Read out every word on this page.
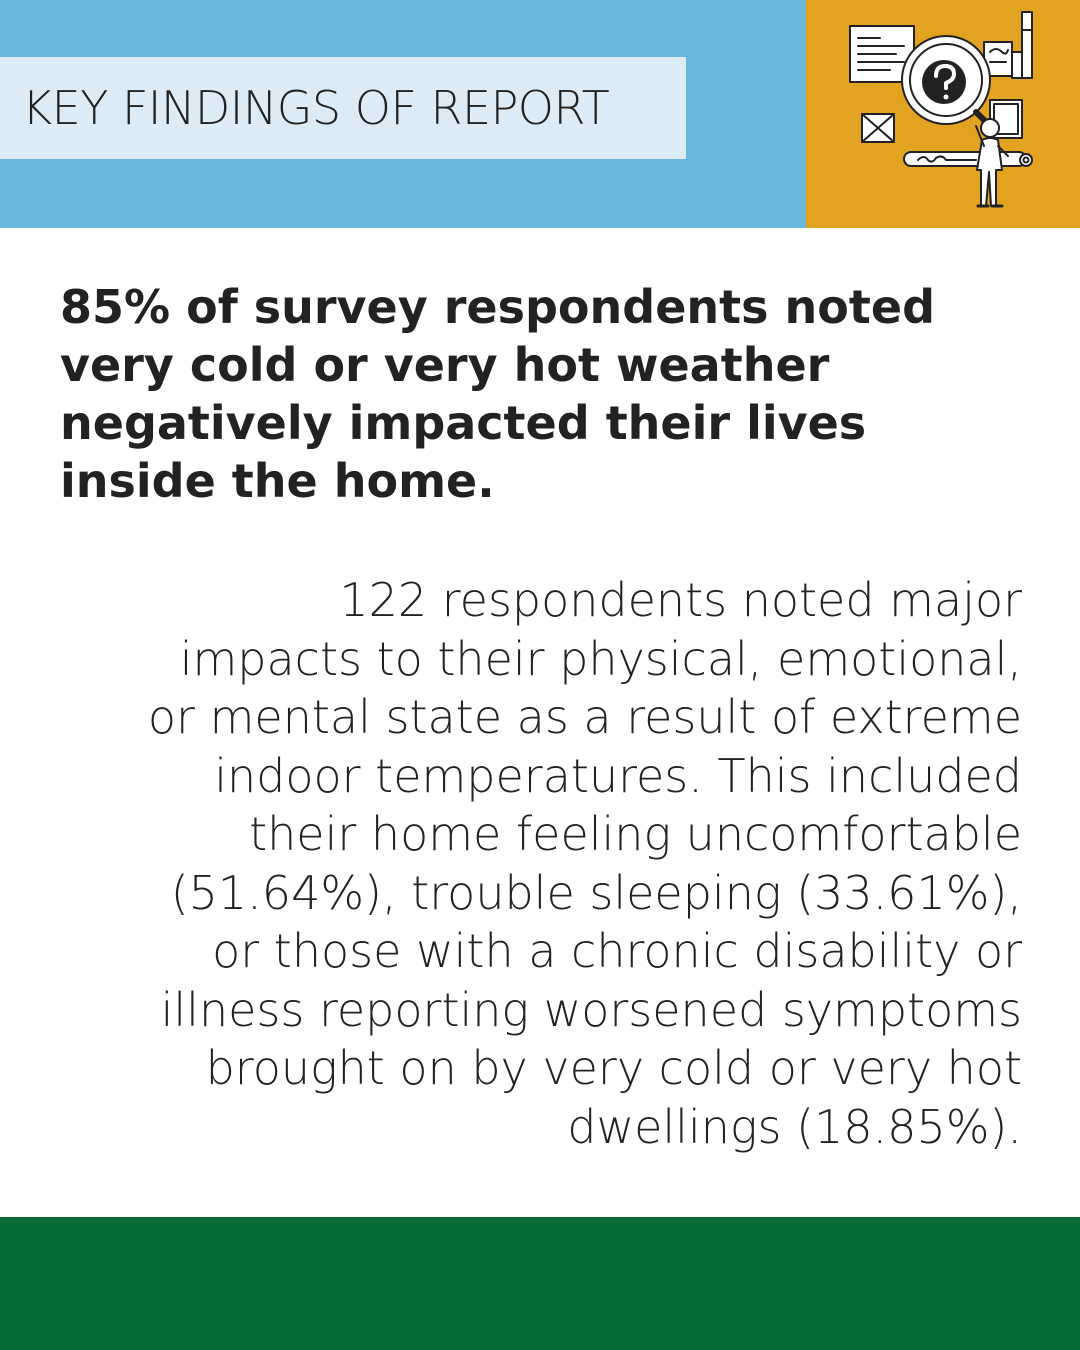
KEY FINDINGS OF REPORT
85% of survey respondents noted
very cold or very hot weather
negatively impacted their lives
inside the home.
122 respondents noted major
impacts to their physical, emotional,
or mental state as a result of extreme
indoor temperatures. This included
their home feeling uncomfortable
(51.64%), trouble sleeping (33.61%),
or those with a chronic disability or
illness reporting worsened symptoms
brought on by very cold or very hot
dwellings (18.85%).
